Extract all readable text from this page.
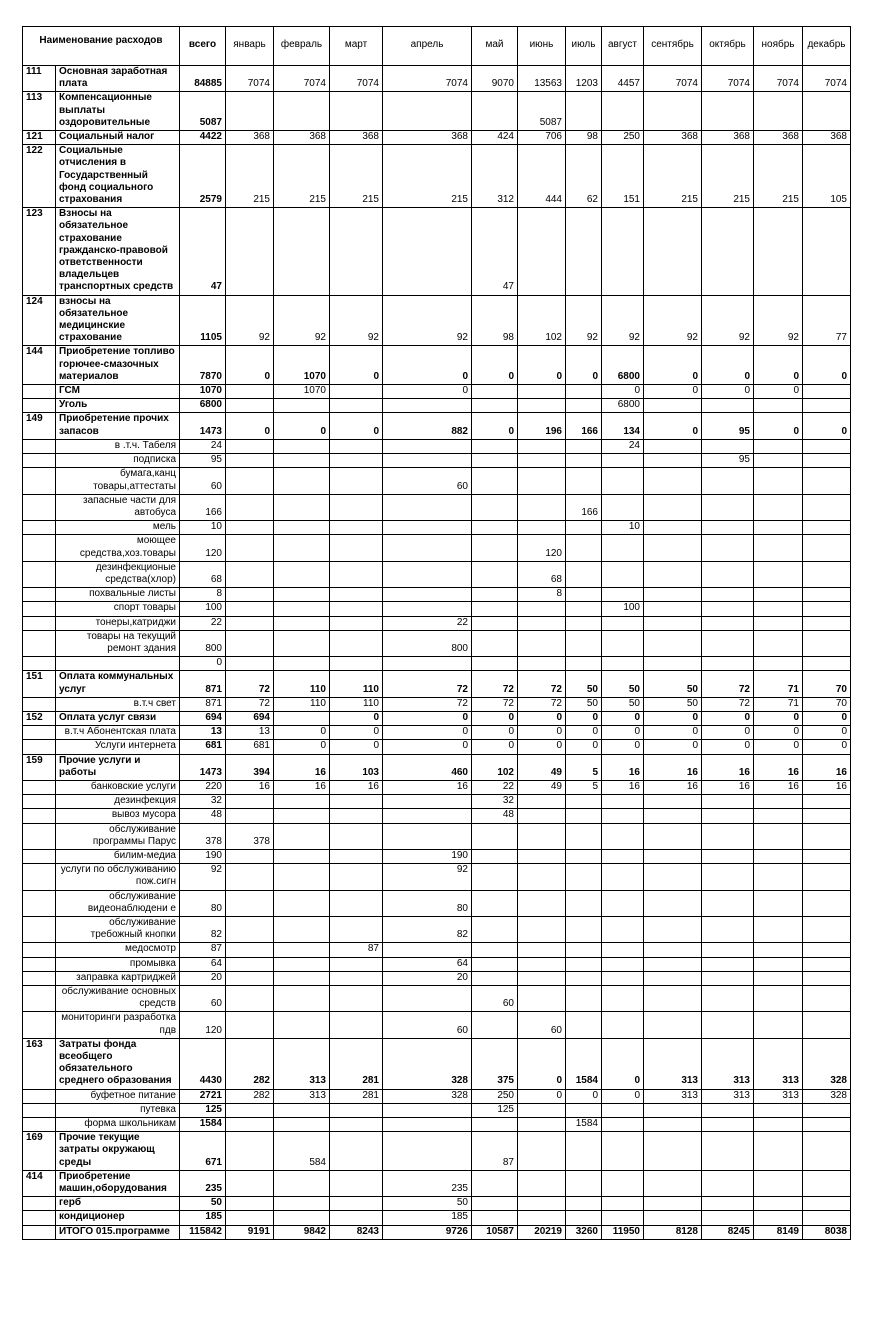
Наименование расходов		всего	январь	февраль	март	апрель	май	июнь	июль	август	сентябрь	октябрь	ноябрь	декабрь
111	Основная заработная плата	84885	7074	7074	7074	7074	9070	13563	1203	4457	7074	7074	7074	7074
113	Компенсационные выплаты оздоровительные	5087						5087						
121	Социальный налог	4422	368	368	368	368	424	706	98	250	368	368	368	368
122	Социальные отчисления в Государственный фонд социального страхования	2579	215	215	215	215	312	444	62	151	215	215	215	105
123	Взносы на обязательное страхование гражданско-правовой ответственности владельцев транспортных средств	47					47							
124	взносы на обязательное медицинские страхование	1105	92	92	92	92	98	102	92	92	92	92	92	77
144	Приобретение топливо горючее-смазочных материалов	7870	0	1070	0	0	0	0	0	6800	0	0	0	0
	ГСМ	1070		1070		0				0	0	0	0	
	Уголь	6800								6800				
149	Приобретение прочих запасов	1473	0	0	0	882	0	196	166	134	0	95	0	0
	в .т.ч. Табеля	24								24				
	подписка	95										95		
	бумага,канц товары,аттестаты	60				60								
	запасные части для автобуса	166							166					
	мель	10								10				
	моющее средства,хоз.товары	120						120						
	дезинфекционые средства(хлор)	68						68						
	похвальные листы	8						8						
	спорт товары	100								100				
	тонеры,катриджи	22				22								
	товары на текущий ремонт здания	800				800								
		0												
151	Оплата коммунальных услуг	871	72	110	110	72	72	72	50	50	50	72	71	70
	в.т.ч свет	871	72	110	110	72	72	72	50	50	50	72	71	70
152	Оплата услуг связи	694	694		0	0	0	0	0	0	0	0	0	0
	в.т.ч Абонентская плата	13	13	0	0	0	0	0	0	0	0	0	0	0
	Услуги интернета	681	681	0	0	0	0	0	0	0	0	0	0	0
159	Прочие услуги и работы	1473	394	16	103	460	102	49	5	16	16	16	16	16
	банковские услуги	220	16	16	16	16	22	49	5	16	16	16	16	16
	дезинфекция	32					32							
	вывоз мусора	48					48							
	обслуживание программы Парус	378	378											
	билим-медиа	190				190								
	услуги по обслуживанию пож.сигн	92				92								
	обслуживание видеонаблюдени е	80				80								
	обслуживание требожный кнопки	82				82								
	медосмотр	87			87									
	промывка	64				64								
	заправка картриджей	20				20								
	обслуживание основных средств	60					60							
	мониторинги разработка пдв	120				60		60						
163	Затраты фонда всеобщего обязательного среднего образования	4430	282	313	281	328	375	0	1584	0	313	313	313	328
	буфетное питание	2721	282	313	281	328	250	0	0	0	313	313	313	328
	путевка	125					125							
	форма школьникам	1584							1584					
169	Прочие текущие затраты окружающ среды	671		584			87							
414	Приобретение машин,оборудования	235				235								
	герб	50				50								
	кондиционер	185				185								
	ИТОГО 015.программе	115842	9191	9842	8243	9726	10587	20219	3260	11950	8128	8245	8149	8038
